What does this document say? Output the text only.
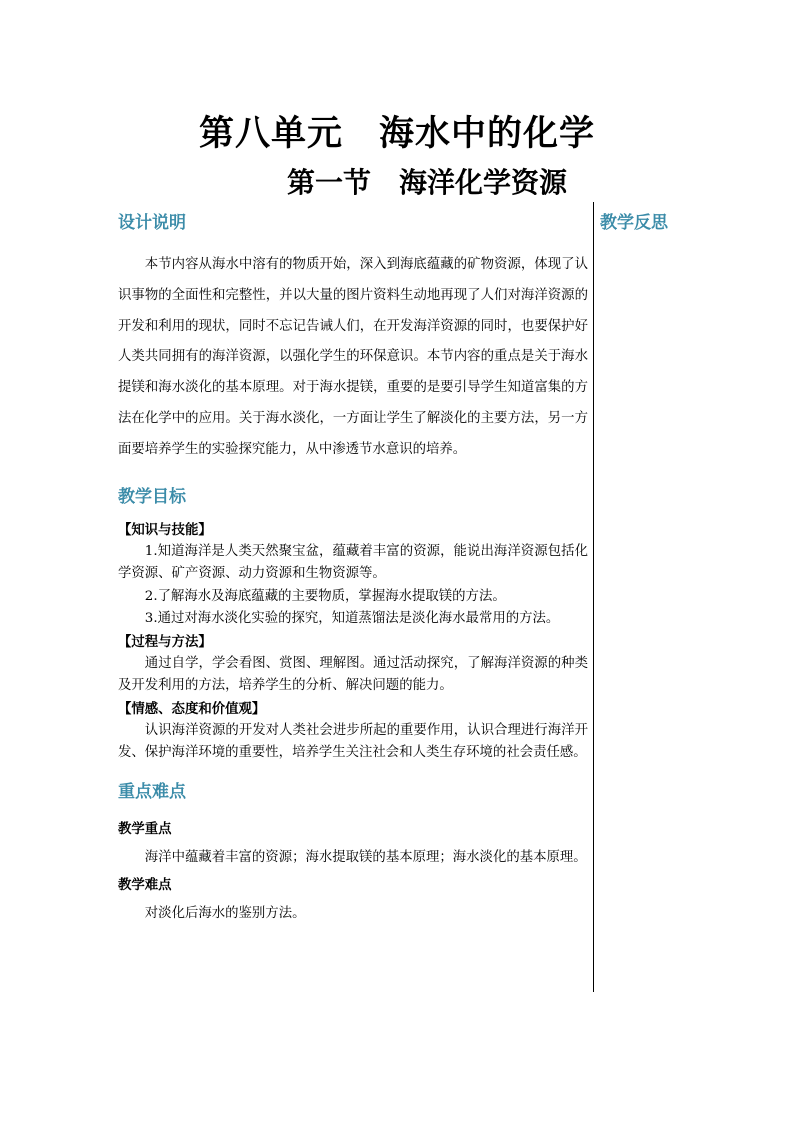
第八单元　海水中的化学
第一节　海洋化学资源
设计说明

本节内容从海水中溶有的物质开始，深入到海底蕴藏的矿物资源，体现了认识事物的全面性和完整性，并以大量的图片资料生动地再现了人们对海洋资源的开发和利用的现状，同时不忘记告诫人们，在开发海洋资源的同时，也要保护好人类共同拥有的海洋资源，以强化学生的环保意识。本节内容的重点是关于海水提镁和海水淡化的基本原理。对于海水提镁，重要的是要引导学生知道富集的方法在化学中的应用。关于海水淡化，一方面让学生了解淡化的主要方法，另一方面要培养学生的实验探究能力，从中渗透节水意识的培养。

教学目标

【知识与技能】

1.知道海洋是人类天然聚宝盆，蕴藏着丰富的资源，能说出海洋资源包括化学资源、矿产资源、动力资源和生物资源等。

2.了解海水及海底蕴藏的主要物质，掌握海水提取镁的方法。

3.通过对海水淡化实验的探究，知道蒸馏法是淡化海水最常用的方法。

【过程与方法】

通过自学，学会看图、赏图、理解图。通过活动探究，了解海洋资源的种类及开发利用的方法，培养学生的分析、解决问题的能力。

【情感、态度和价值观】

认识海洋资源的开发对人类社会进步所起的重要作用，认识合理进行海洋开发、保护海洋环境的重要性，培养学生关注社会和人类生存环境的社会责任感。

重点难点

教学重点

海洋中蕴藏着丰富的资源；海水提取镁的基本原理；海水淡化的基本原理。

教学难点

对淡化后海水的鉴别方法。

教学反思
